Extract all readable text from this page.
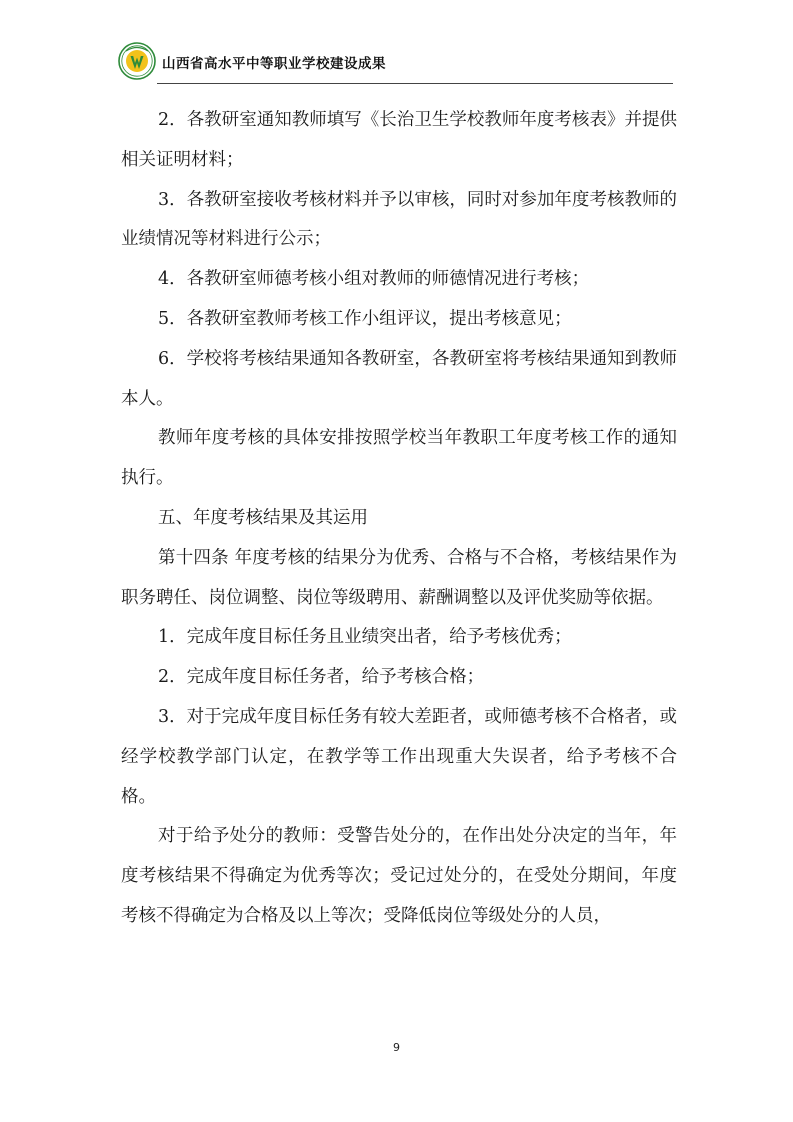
山西省高水平中等职业学校建设成果

2．各教研室通知教师填写《长治卫生学校教师年度考核表》并提供相关证明材料；

3．各教研室接收考核材料并予以审核，同时对参加年度考核教师的业绩情况等材料进行公示；

4．各教研室师德考核小组对教师的师德情况进行考核；

5．各教研室教师考核工作小组评议，提出考核意见；

6．学校将考核结果通知各教研室，各教研室将考核结果通知到教师本人。

教师年度考核的具体安排按照学校当年教职工年度考核工作的通知执行。

五、年度考核结果及其运用

第十四条 年度考核的结果分为优秀、合格与不合格，考核结果作为职务聘任、岗位调整、岗位等级聘用、薪酬调整以及评优奖励等依据。

1．完成年度目标任务且业绩突出者，给予考核优秀；

2．完成年度目标任务者，给予考核合格；

3．对于完成年度目标任务有较大差距者，或师德考核不合格者，或经学校教学部门认定，在教学等工作出现重大失误者，给予考核不合格。

对于给予处分的教师：受警告处分的，在作出处分决定的当年，年度考核结果不得确定为优秀等次；受记过处分的，在受处分期间，年度考核不得确定为合格及以上等次；受降低岗位等级处分的人员，

9
